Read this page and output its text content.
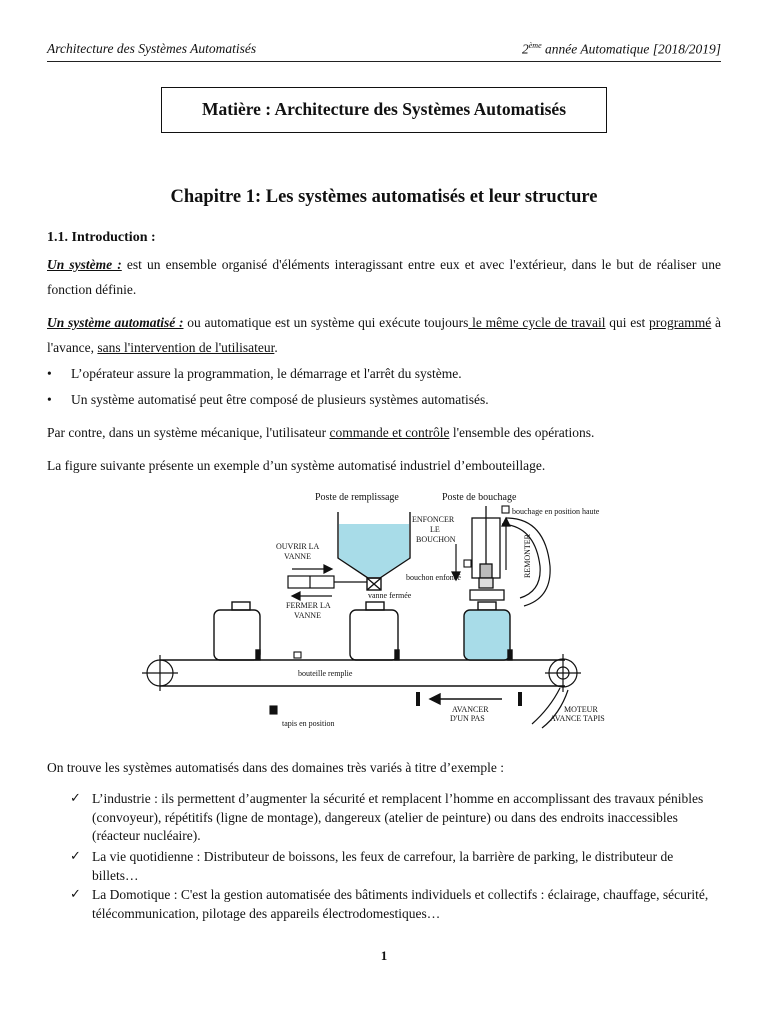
Architecture des Systèmes Automatisés	2ème année Automatique [2018/2019]
Matière : Architecture des Systèmes Automatisés
Chapitre 1: Les systèmes automatisés et leur structure
1.1. Introduction :
Un système : est un ensemble organisé d'éléments interagissant entre eux et avec l'extérieur, dans le but de réaliser une fonction définie.
Un système automatisé : ou automatique est un système qui exécute toujours le même cycle de travail qui est programmé à l'avance, sans l'intervention de l'utilisateur.
• L’opérateur assure la programmation, le démarrage et l'arrêt du système.
• Un système automatisé peut être composé de plusieurs systèmes automatisés.
Par contre, dans un système mécanique, l'utilisateur commande et contrôle l'ensemble des opérations.
La figure suivante présente un exemple d’un système automatisé industriel d’embouteillage.
Poste de remplissage	Poste de bouchage
OUVRIR LA
VANNE
FERMER LA
VANNE
vanne fermée
ENFONCER
LE
BOUCHON
bouchon enfoncé
bouchage en position haute
REMONTER
bouteille remplie
tapis en position
AVANCER
D'UN PAS
MOTEUR
AVANCE TAPIS
On trouve les systèmes automatisés dans des domaines très variés à titre d’exemple :
✓ L’industrie : ils permettent d’augmenter la sécurité et remplacent l’homme en accomplissant des travaux pénibles (convoyeur), répétitifs (ligne de montage), dangereux (atelier de peinture) ou dans des endroits inaccessibles (réacteur nucléaire).
✓ La vie quotidienne : Distributeur de boissons, les feux de carrefour, la barrière de parking, le distributeur de billets…
✓ La Domotique : C'est la gestion automatisée des bâtiments individuels et collectifs : éclairage, chauffage, sécurité, télécommunication, pilotage des appareils électrodomestiques…
1
